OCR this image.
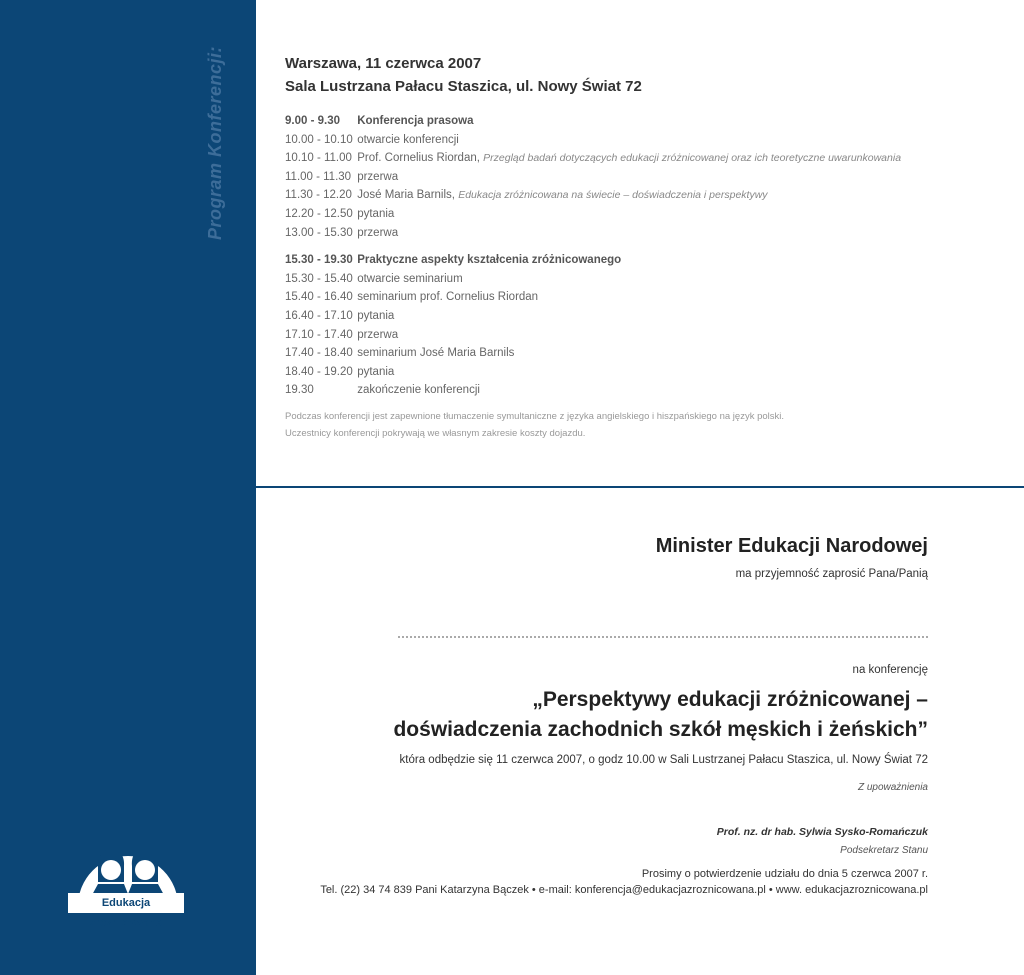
Program Konferencji:
Edukacja zróżnicowana
Warszawa, 11 czerwca 2007
Sala Lustrzana Pałacu Staszica, ul. Nowy Świat 72
9.00 - 9.30 Konferencja prasowa
10.00 - 10.10 otwarcie konferencji
10.10 - 11.00 Prof. Cornelius Riordan, Przegląd badań dotyczących edukacji zróżnicowanej oraz ich teoretyczne uwarunkowania
11.00 - 11.30 przerwa
11.30 - 12.20 José Maria Barnils, Edukacja zróżnicowana na świecie – doświadczenia i perspektywy
12.20 - 12.50 pytania
13.00 - 15.30 przerwa
15.30 - 19.30 Praktyczne aspekty kształcenia zróżnicowanego
15.30 - 15.40 otwarcie seminarium
15.40 - 16.40 seminarium prof. Cornelius Riordan
16.40 - 17.10 pytania
17.10 - 17.40 przerwa
17.40 - 18.40 seminarium José Maria Barnils
18.40 - 19.20 pytania
19.30	zakończenie konferencji
Podczas konferencji jest zapewnione tłumaczenie symultaniczne z języka angielskiego i hiszpańskiego na język polski.
Uczestnicy konferencji pokrywają we własnym zakresie koszty dojazdu.
Minister Edukacji Narodowej
ma przyjemność zaprosić Pana/Panią
na konferencję
„Perspektywy edukacji zróżnicowanej –
doświadczenia zachodnich szkół męskich i żeńskich”
która odbędzie się 11 czerwca 2007, o godz 10.00 w Sali Lustrzanej Pałacu Staszica, ul. Nowy Świat 72
Z upoważnienia
Prof. nz. dr hab. Sylwia Sysko-Romańczuk
Podsekretarz Stanu
Prosimy o potwierdzenie udziału do dnia 5 czerwca 2007 r.
Tel. (22) 34 74 839 Pani Katarzyna Bączek • e-mail: konferencja@edukacjazroznicowana.pl • www. edukacjazroznicowana.pl
